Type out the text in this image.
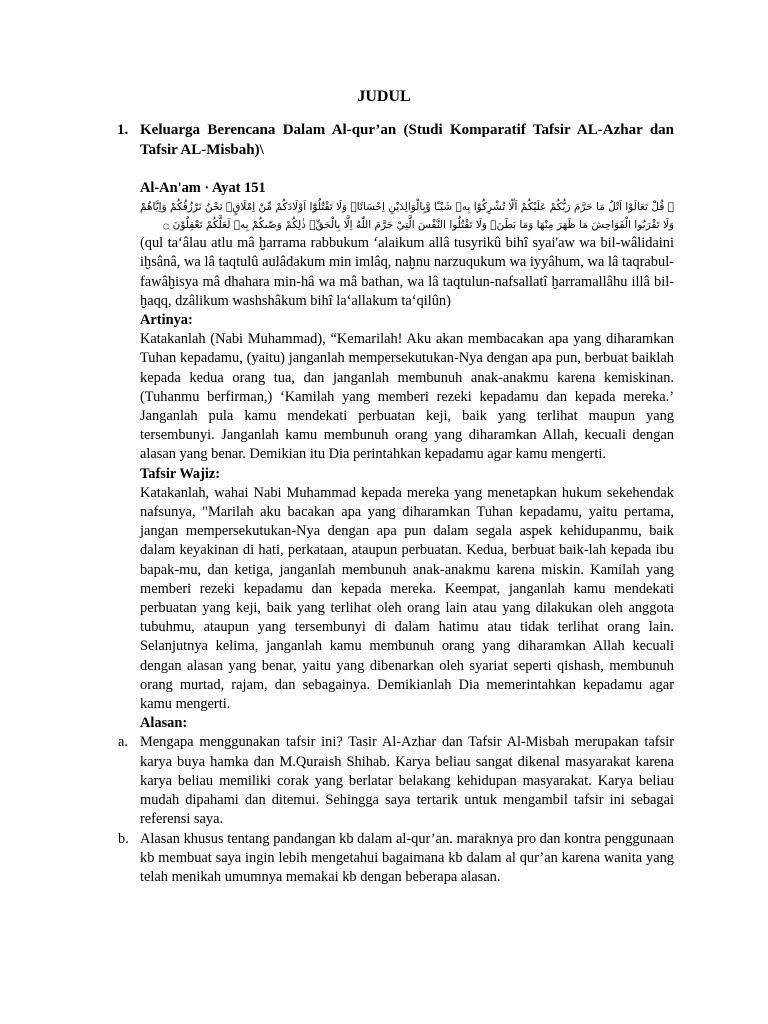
JUDUL
1. Keluarga Berencana Dalam Al-qur’an (Studi Komparatif Tafsir AL-Azhar dan Tafsir AL-Misbah)\

Al-An'am · Ayat 151

۞ قُلْ تَعَالَوْا اَتْلُ مَا حَرَّمَ رَبُّكُمْ عَلَيْكُمْ اَلَّا تُشْرِكُوْا بِهٖ شَيْـًٔا وَّبِالْوَالِدَيْنِ اِحْسَانًاۚ وَلَا تَقْتُلُوْٓا اَوْلَادَكُمْ مِّنْ اِمْلَاقٍۗ نَحْنُ نَرْزُقُكُمْ وَاِيَّاهُمْ وَلَا تَقْرَبُوا الْفَوَاحِشَ مَا ظَهَرَ مِنْهَا وَمَا بَطَنَۚ وَلَا تَقْتُلُوا النَّفْسَ الَّتِيْ حَرَّمَ اللّٰهُ اِلَّا بِالْحَقِّۗ ذٰلِكُمْ وَصّٰىكُمْ بِهٖ لَعَلَّكُمْ تَعْقِلُوْنَ ۝

(qul ta‘âlau atlu mâ ḫarrama rabbukum ‘alaikum allâ tusyrikû bihî syai'aw wa bil-wâlidaini iḫsânâ, wa lâ taqtulû aulâdakum min imlâq, naḫnu narzuqukum wa iyyâhum, wa lâ taqrabul-fawâḫisya mâ dhahara min-hâ wa mâ bathan, wa lâ taqtulun-nafsallatî ḫarramallâhu illâ bil-ḫaqq, dzâlikum washshâkum bihî la‘allakum ta‘qilûn)

Artinya:

Katakanlah (Nabi Muhammad), “Kemarilah! Aku akan membacakan apa yang diharamkan Tuhan kepadamu, (yaitu) janganlah mempersekutukan-Nya dengan apa pun, berbuat baiklah kepada kedua orang tua, dan janganlah membunuh anak-anakmu karena kemiskinan. (Tuhanmu berfirman,) ‘Kamilah yang memberi rezeki kepadamu dan kepada mereka.’ Janganlah pula kamu mendekati perbuatan keji, baik yang terlihat maupun yang tersembunyi. Janganlah kamu membunuh orang yang diharamkan Allah, kecuali dengan alasan yang benar. Demikian itu Dia perintahkan kepadamu agar kamu mengerti.

Tafsir Wajiz:

Katakanlah, wahai Nabi Muhammad kepada mereka yang menetapkan hukum sekehendak nafsunya, "Marilah aku bacakan apa yang diharamkan Tuhan kepadamu, yaitu pertama, jangan mempersekutukan-Nya dengan apa pun dalam segala aspek kehidupanmu, baik dalam keyakinan di hati, perkataan, ataupun perbuatan. Kedua, berbuat baik-lah kepada ibu bapak-mu, dan ketiga, janganlah membunuh anak-anakmu karena miskin. Kamilah yang memberi rezeki kepadamu dan kepada mereka. Keempat, janganlah kamu mendekati perbuatan yang keji, baik yang terlihat oleh orang lain atau yang dilakukan oleh anggota tubuhmu, ataupun yang tersembunyi di dalam hatimu atau tidak terlihat orang lain. Selanjutnya kelima, janganlah kamu membunuh orang yang diharamkan Allah kecuali dengan alasan yang benar, yaitu yang dibenarkan oleh syariat seperti qishash, membunuh orang murtad, rajam, dan sebagainya. Demikianlah Dia memerintahkan kepadamu agar kamu mengerti.

Alasan:

a. Mengapa menggunakan tafsir ini? Tasir Al-Azhar dan Tafsir Al-Misbah merupakan tafsir karya buya hamka dan M.Quraish Shihab. Karya beliau sangat dikenal masyarakat karena karya beliau memiliki corak yang berlatar belakang kehidupan masyarakat. Karya beliau mudah dipahami dan ditemui. Sehingga saya tertarik untuk mengambil tafsir ini sebagai referensi saya.
b. Alasan khusus tentang pandangan kb dalam al-qur’an. maraknya pro dan kontra penggunaan kb membuat saya ingin lebih mengetahui bagaimana kb dalam al qur’an karena wanita yang telah menikah umumnya memakai kb dengan beberapa alasan.
